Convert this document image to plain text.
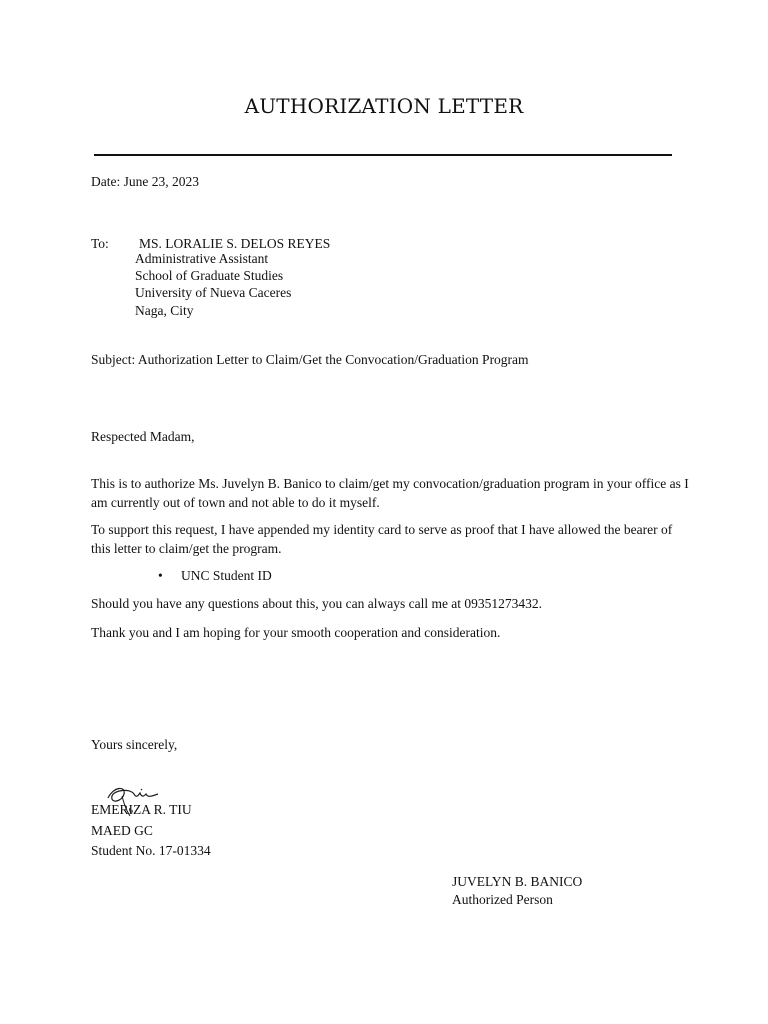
AUTHORIZATION LETTER
Date: June 23, 2023
To: MS. LORALIE S. DELOS REYES
Administrative Assistant
School of Graduate Studies
University of Nueva Caceres
Naga, City
Subject: Authorization Letter to Claim/Get the Convocation/Graduation Program
Respected Madam,
This is to authorize Ms. Juvelyn B. Banico to claim/get my convocation/graduation program in your office as I am currently out of town and not able to do it myself.
To support this request, I have appended my identity card to serve as proof that I have allowed the bearer of this letter to claim/get the program.
• UNC Student ID
Should you have any questions about this, you can always call me at 09351273432.
Thank you and I am hoping for your smooth cooperation and consideration.
Yours sincerely,
EMERIZA R. TIU
MAED GC
Student No. 17-01334
JUVELYN B. BANICO
Authorized Person
